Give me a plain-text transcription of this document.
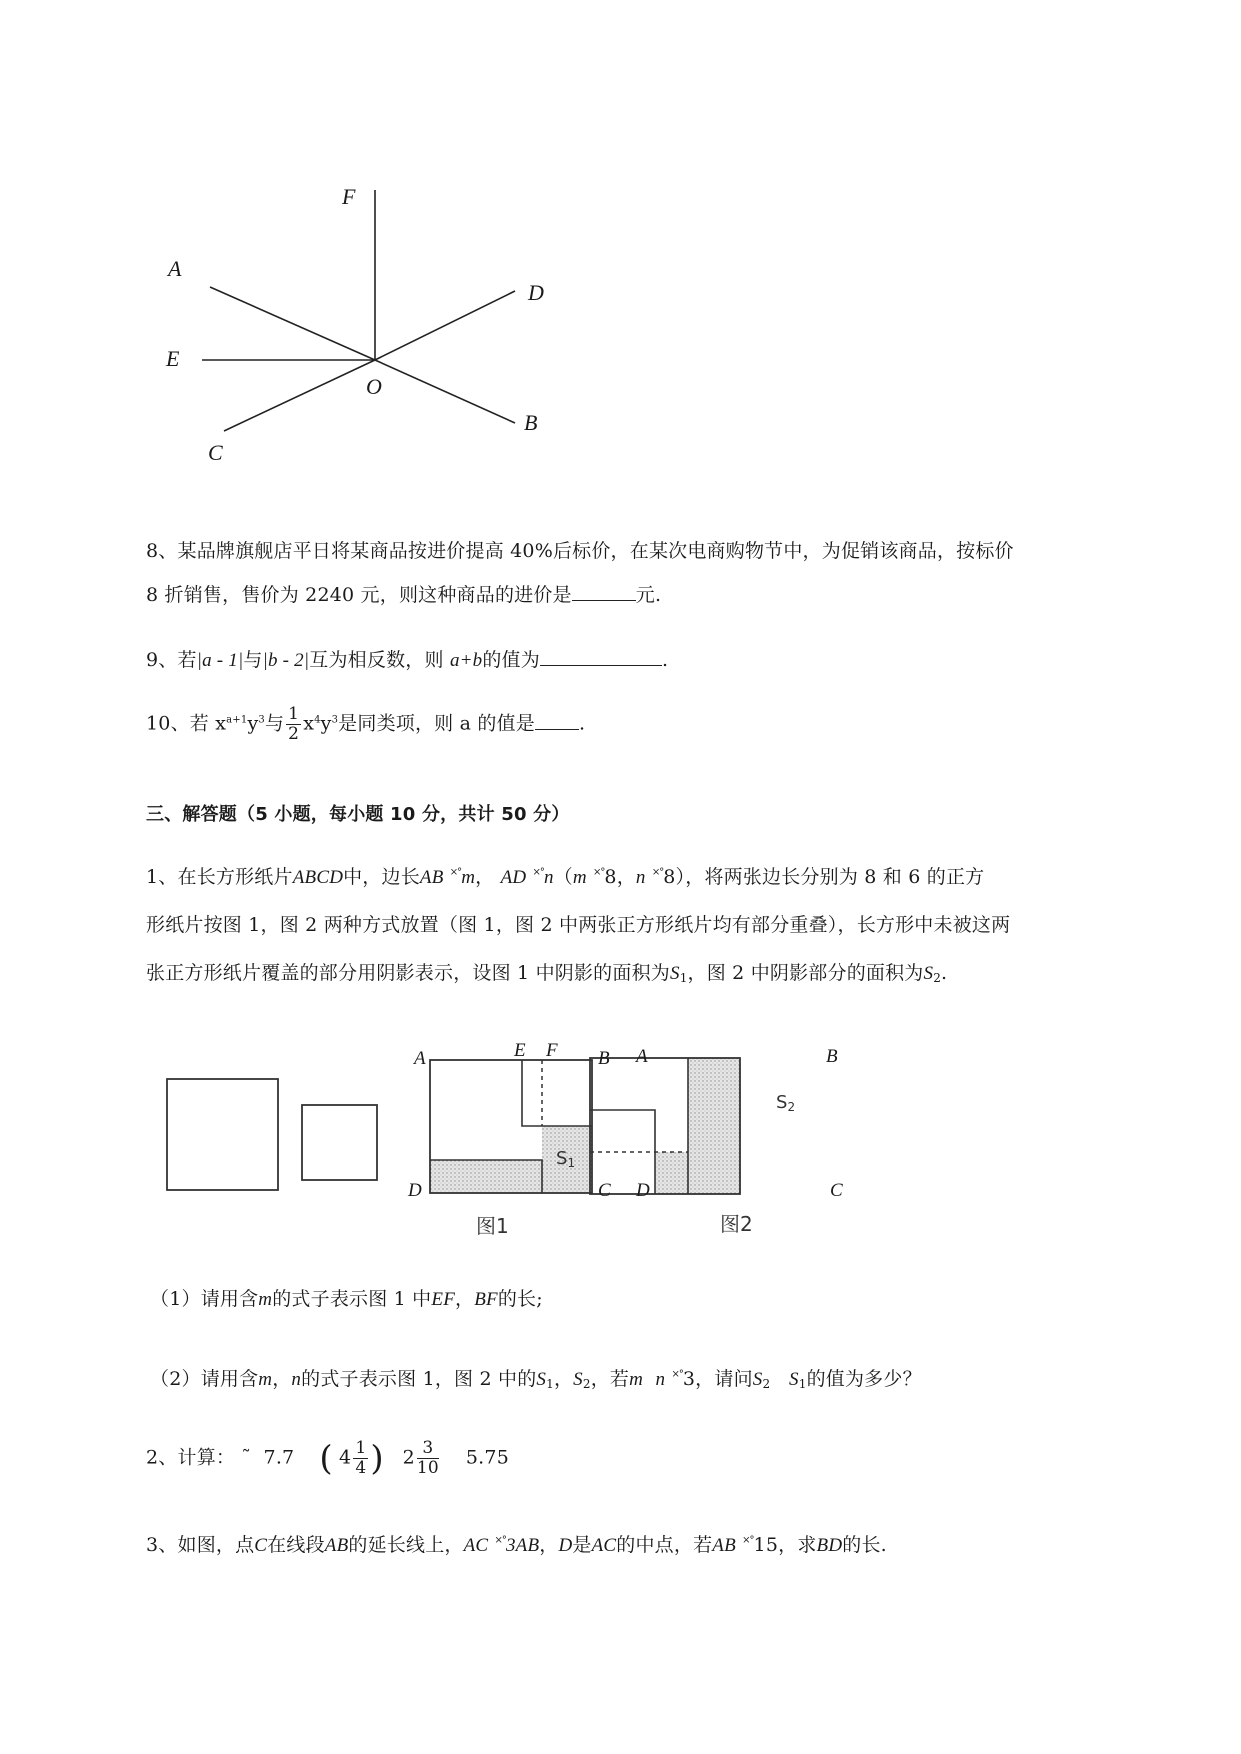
F
A
D
E
O
B
C
8、某品牌旗舰店平日将某商品按进价提高 40%后标价，在某次电商购物节中，为促销该商品，按标价
8 折销售，售价为 2240 元，则这种商品的进价是	元.
9、若|a - 1|与|b - 2|互为相反数，则 a+b的值为	.
10、若 $x^{a+1}y^3$与 $\frac{1}{2} x^4y^3$是同类项，则 a 的值是 .
三、解答题（5 小题，每小题 10 分，共计 50 分）
1、在长方形纸片ABCD中，边长AB ×°m， AD ×°n（m ×°8，n ×°8），将两张边长分别为 8 和 6 的正方
形纸片按图 1，图 2 两种方式放置（图 1，图 2 中两张正方形纸片均有部分重叠），长方形中未被这两
张正方形纸片覆盖的部分用阴影表示，设图 1 中阴影的面积为$S_1$，图 2 中阴影部分的面积为$S_2$.
A	E F B
D	C
$S_1$
图1
A	B
D	C
$S_2$
图2
（1）请用含m的式子表示图 1 中EF，BF的长;
（2）请用含m，n的式子表示图 1，图 2 中的$S_1$，$S_2$，若m n ×°3，请问$S_2$ $S_1$的值为多少？
2、计算： ˜ 7.7 ( $4 \frac{1}{4}$ ) $2 \frac{3}{10} 5.75$
3、如图，点C在线段AB的延长线上，AC ×°3AB，D是AC的中点，若AB ×°15，求BD的长.
